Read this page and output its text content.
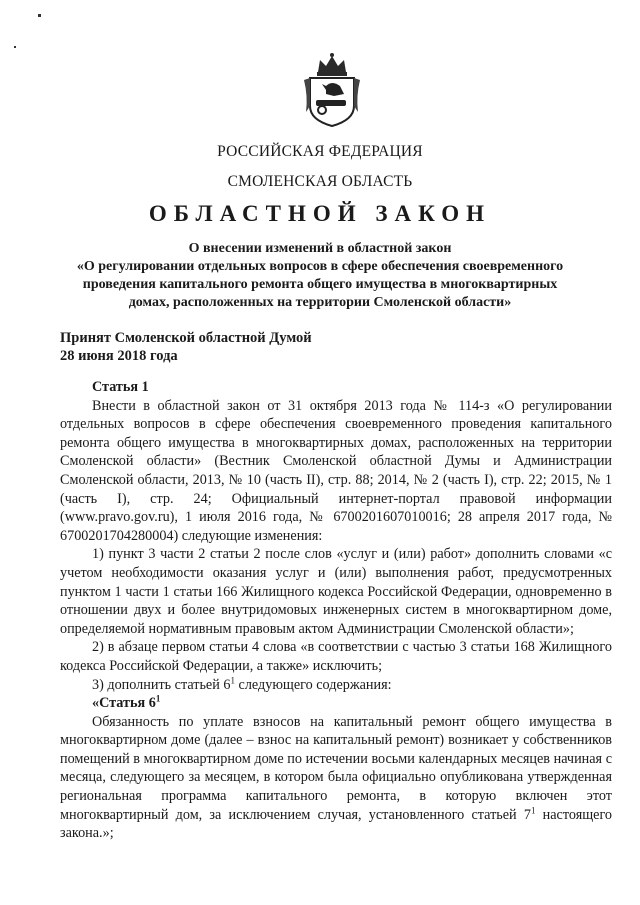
РОССИЙСКАЯ ФЕДЕРАЦИЯ
СМОЛЕНСКАЯ ОБЛАСТЬ
ОБЛАСТНОЙ ЗАКОН
О внесении изменений в областной закон
«О регулировании отдельных вопросов в сфере обеспечения своевременного
проведения капитального ремонта общего имущества в многоквартирных
домах, расположенных на территории Смоленской области»
Принят Смоленской областной Думой
28 июня 2018 года

Статья 1

Внести в областной закон от 31 октября 2013 года № 114-з «О регулировании отдельных вопросов в сфере обеспечения своевременного проведения капитального ремонта общего имущества в многоквартирных домах, расположенных на территории Смоленской области» (Вестник Смоленской областной Думы и Администрации Смоленской области, 2013, № 10 (часть II), стр. 88; 2014, № 2 (часть I), стр. 22; 2015, № 1 (часть I), стр. 24; Официальный интернет-портал правовой информации (www.pravo.gov.ru), 1 июля 2016 года, № 6700201607010016; 28 апреля 2017 года, № 6700201704280004) следующие изменения:

1) пункт 3 части 2 статьи 2 после слов «услуг и (или) работ» дополнить словами «с учетом необходимости оказания услуг и (или) выполнения работ, предусмотренных пунктом 1 части 1 статьи 166 Жилищного кодекса Российской Федерации, одновременно в отношении двух и более внутридомовых инженерных систем в многоквартирном доме, определяемой нормативным правовым актом Администрации Смоленской области»;

2) в абзаце первом статьи 4 слова «в соответствии с частью 3 статьи 168 Жилищного кодекса Российской Федерации, а также» исключить;

3) дополнить статьей $6^1$ следующего содержания:

«Статья $6^1$

Обязанность по уплате взносов на капитальный ремонт общего имущества в многоквартирном доме (далее – взнос на капитальный ремонт) возникает у собственников помещений в многоквартирном доме по истечении восьми календарных месяцев начиная с месяца, следующего за месяцем, в котором была официально опубликована утвержденная региональная программа капитального ремонта, в которую включен этот многоквартирный дом, за исключением случая, установленного статьей $7^1$ настоящего закона.»;
